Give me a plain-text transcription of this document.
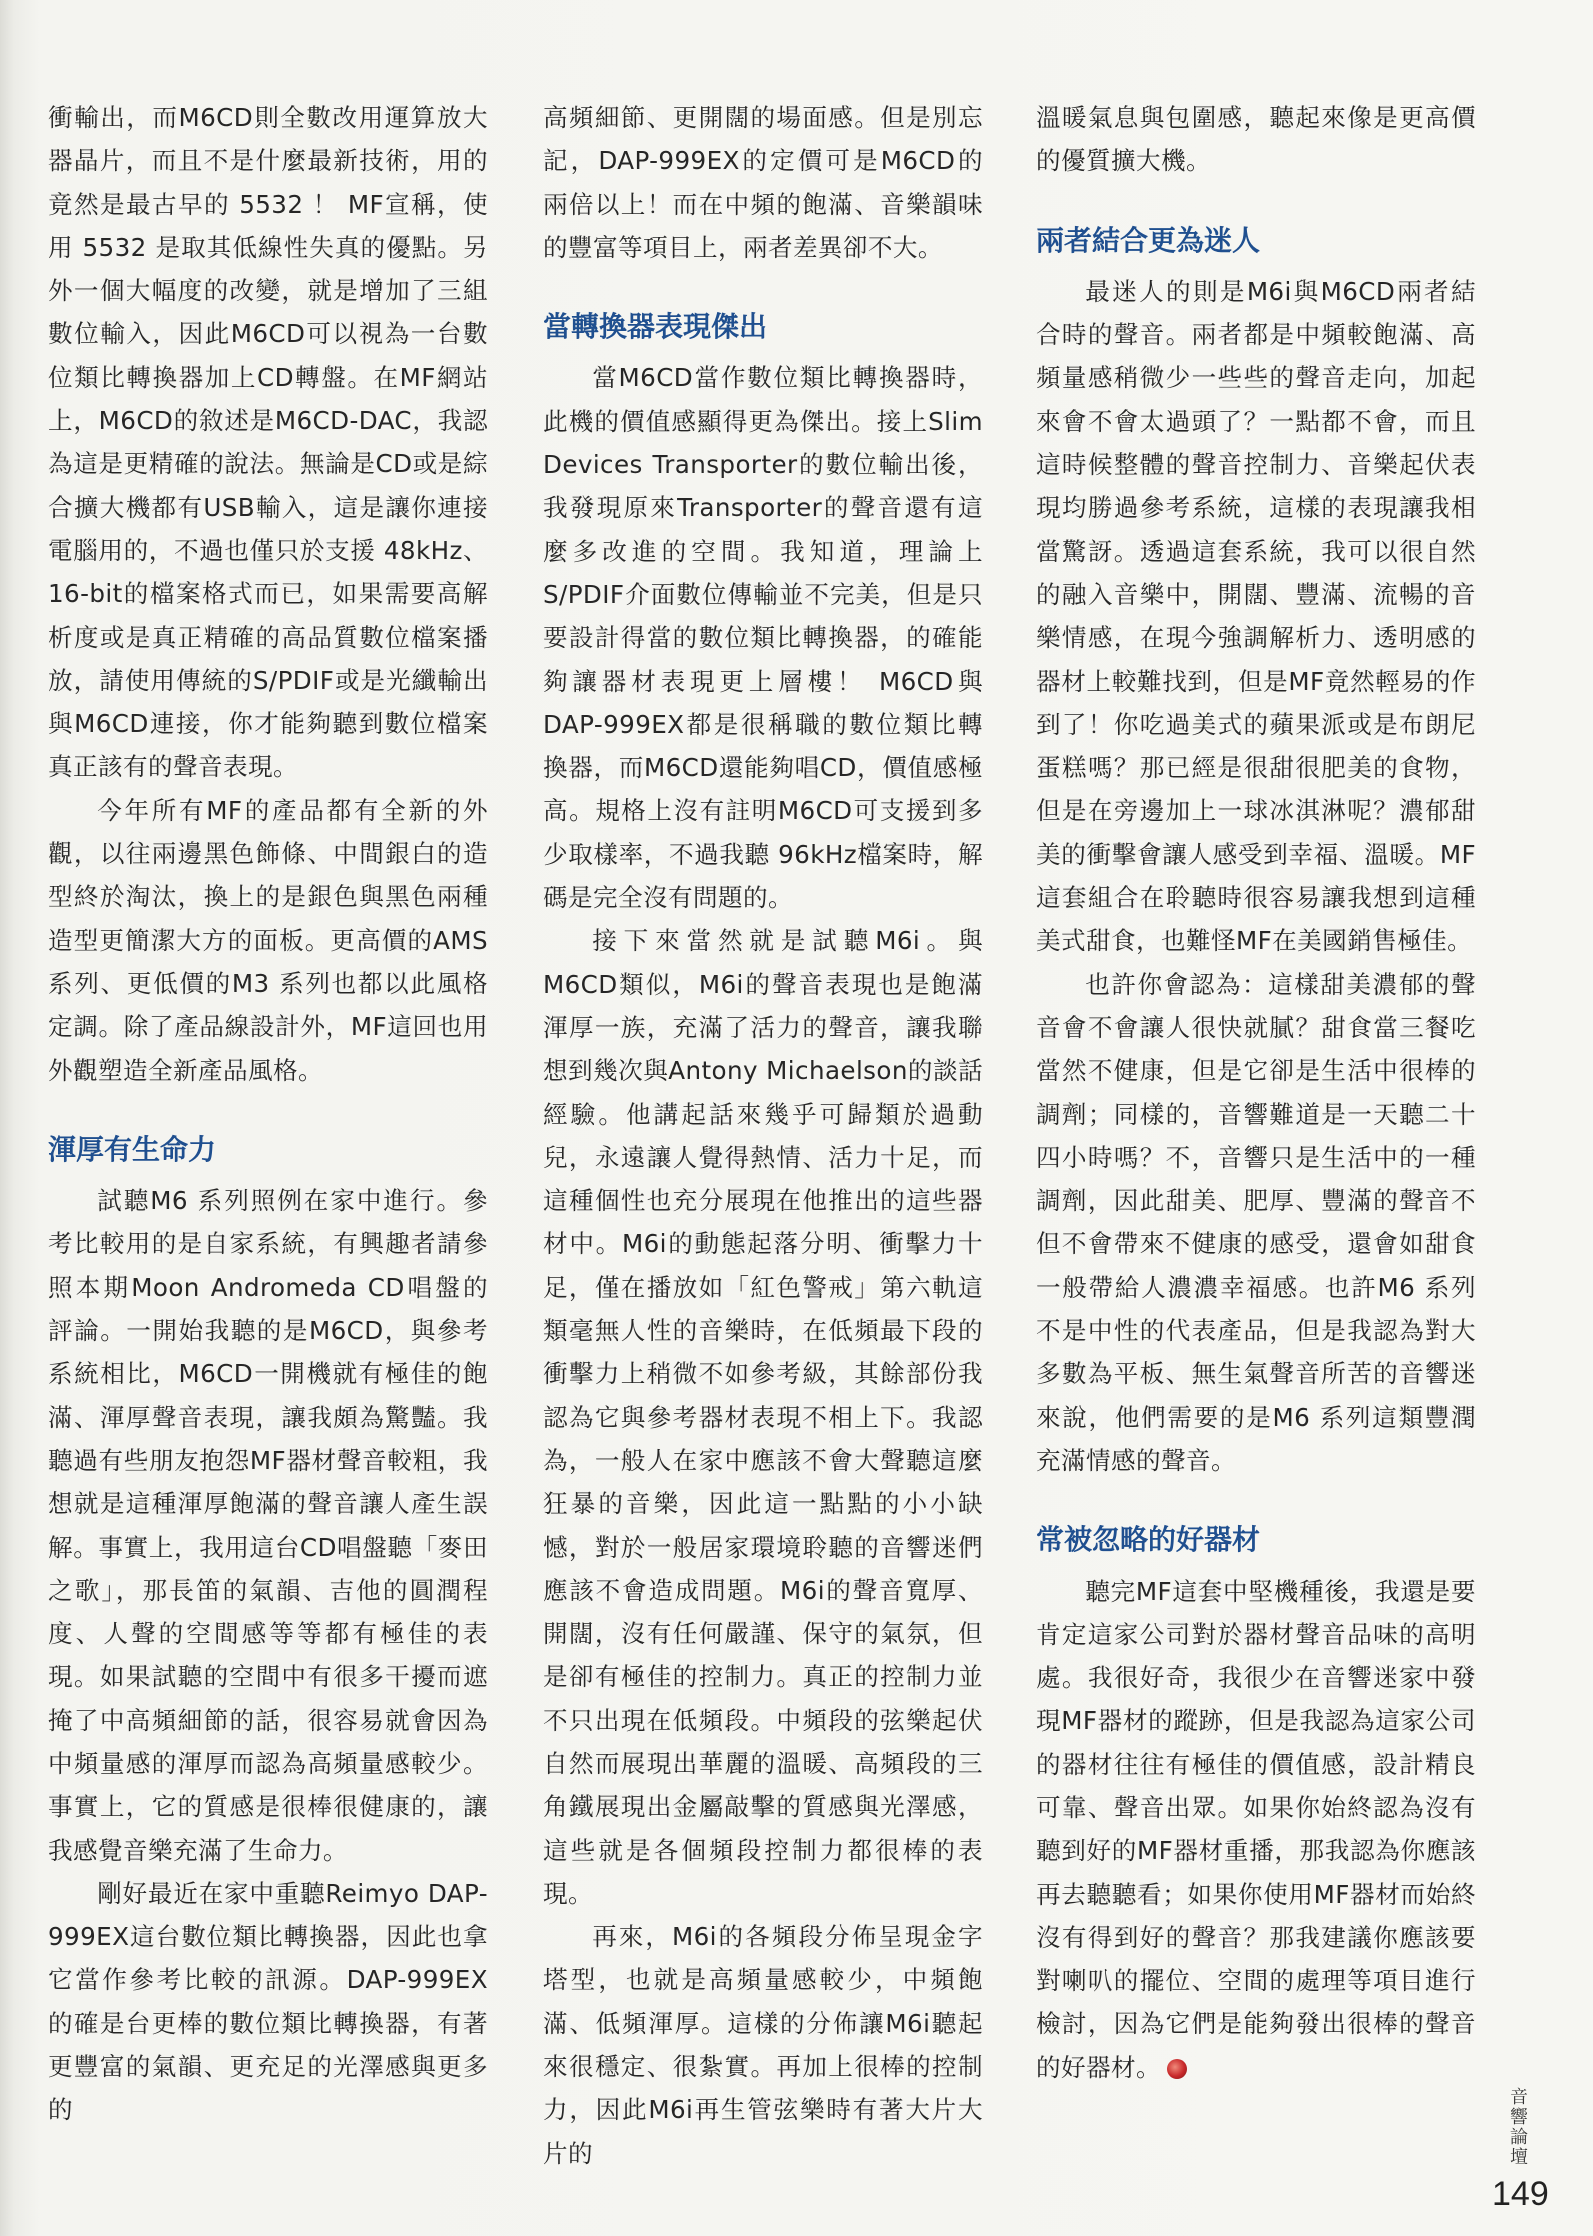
衝輸出，而M6CD則全數改用運算放大器晶片，而且不是什麼最新技術，用的竟然是最古早的 5532 ！ MF宣稱，使用 5532 是取其低線性失真的優點。另外一個大幅度的改變，就是增加了三組數位輸入，因此M6CD可以視為一台數位類比轉換器加上CD轉盤。在MF網站上，M6CD的敘述是M6CD-DAC，我認為這是更精確的說法。無論是CD或是綜合擴大機都有USB輸入，這是讓你連接電腦用的，不過也僅只於支援 48kHz、16-bit的檔案格式而已，如果需要高解析度或是真正精確的高品質數位檔案播放，請使用傳統的S/PDIF或是光纖輸出與M6CD連接，你才能夠聽到數位檔案真正該有的聲音表現。

今年所有MF的產品都有全新的外觀，以往兩邊黑色飾條、中間銀白的造型終於淘汰，換上的是銀色與黑色兩種造型更簡潔大方的面板。更高價的AMS系列、更低價的M3 系列也都以此風格定調。除了產品線設計外，MF這回也用外觀塑造全新產品風格。

渾厚有生命力

試聽M6 系列照例在家中進行。參考比較用的是自家系統，有興趣者請參照本期Moon Andromeda CD唱盤的評論。一開始我聽的是M6CD，與參考系統相比，M6CD一開機就有極佳的飽滿、渾厚聲音表現，讓我頗為驚豔。我聽過有些朋友抱怨MF器材聲音較粗，我想就是這種渾厚飽滿的聲音讓人產生誤解。事實上，我用這台CD唱盤聽「麥田之歌」，那長笛的氣韻、吉他的圓潤程度、人聲的空間感等等都有極佳的表現。如果試聽的空間中有很多干擾而遮掩了中高頻細節的話，很容易就會因為中頻量感的渾厚而認為高頻量感較少。事實上，它的質感是很棒很健康的，讓我感覺音樂充滿了生命力。

剛好最近在家中重聽Reimyo DAP-999EX這台數位類比轉換器，因此也拿它當作參考比較的訊源。DAP-999EX的確是台更棒的數位類比轉換器，有著更豐富的氣韻、更充足的光澤感與更多的

高頻細節、更開闊的場面感。但是別忘記，DAP-999EX的定價可是M6CD的兩倍以上！而在中頻的飽滿、音樂韻味的豐富等項目上，兩者差異卻不大。

當轉換器表現傑出

當M6CD當作數位類比轉換器時，此機的價值感顯得更為傑出。接上Slim Devices Transporter的數位輸出後，我發現原來Transporter的聲音還有這麼多改進的空間。我知道，理論上S/PDIF介面數位傳輸並不完美，但是只要設計得當的數位類比轉換器，的確能夠讓器材表現更上層樓！ M6CD與DAP-999EX都是很稱職的數位類比轉換器，而M6CD還能夠唱CD，價值感極高。規格上沒有註明M6CD可支援到多少取樣率，不過我聽 96kHz檔案時，解碼是完全沒有問題的。

接下來當然就是試聽M6i。與M6CD類似，M6i的聲音表現也是飽滿渾厚一族，充滿了活力的聲音，讓我聯想到幾次與Antony Michaelson的談話經驗。他講起話來幾乎可歸類於過動兒，永遠讓人覺得熱情、活力十足，而這種個性也充分展現在他推出的這些器材中。M6i的動態起落分明、衝擊力十足，僅在播放如「紅色警戒」第六軌這類毫無人性的音樂時，在低頻最下段的衝擊力上稍微不如參考級，其餘部份我認為它與參考器材表現不相上下。我認為，一般人在家中應該不會大聲聽這麼狂暴的音樂，因此這一點點的小小缺憾，對於一般居家環境聆聽的音響迷們應該不會造成問題。M6i的聲音寬厚、開闊，沒有任何嚴謹、保守的氣氛，但是卻有極佳的控制力。真正的控制力並不只出現在低頻段。中頻段的弦樂起伏自然而展現出華麗的溫暖、高頻段的三角鐵展現出金屬敲擊的質感與光澤感，這些就是各個頻段控制力都很棒的表現。

再來，M6i的各頻段分佈呈現金字塔型，也就是高頻量感較少，中頻飽滿、低頻渾厚。這樣的分佈讓M6i聽起來很穩定、很紮實。再加上很棒的控制力，因此M6i再生管弦樂時有著大片大片的

溫暖氣息與包圍感，聽起來像是更高價的優質擴大機。

兩者結合更為迷人

最迷人的則是M6i與M6CD兩者結合時的聲音。兩者都是中頻較飽滿、高頻量感稍微少一些些的聲音走向，加起來會不會太過頭了？一點都不會，而且這時候整體的聲音控制力、音樂起伏表現均勝過參考系統，這樣的表現讓我相當驚訝。透過這套系統，我可以很自然的融入音樂中，開闊、豐滿、流暢的音樂情感，在現今強調解析力、透明感的器材上較難找到，但是MF竟然輕易的作到了！你吃過美式的蘋果派或是布朗尼蛋糕嗎？那已經是很甜很肥美的食物，但是在旁邊加上一球冰淇淋呢？濃郁甜美的衝擊會讓人感受到幸福、溫暖。MF這套組合在聆聽時很容易讓我想到這種美式甜食，也難怪MF在美國銷售極佳。

也許你會認為：這樣甜美濃郁的聲音會不會讓人很快就膩？甜食當三餐吃當然不健康，但是它卻是生活中很棒的調劑；同樣的，音響難道是一天聽二十四小時嗎？不，音響只是生活中的一種調劑，因此甜美、肥厚、豐滿的聲音不但不會帶來不健康的感受，還會如甜食一般帶給人濃濃幸福感。也許M6 系列不是中性的代表產品，但是我認為對大多數為平板、無生氣聲音所苦的音響迷來說，他們需要的是M6 系列這類豐潤充滿情感的聲音。

常被忽略的好器材

聽完MF這套中堅機種後，我還是要肯定這家公司對於器材聲音品味的高明處。我很好奇，我很少在音響迷家中發現MF器材的蹤跡，但是我認為這家公司的器材往往有極佳的價值感，設計精良可靠、聲音出眾。如果你始終認為沒有聽到好的MF器材重播，那我認為你應該再去聽聽看；如果你使用MF器材而始終沒有得到好的聲音？那我建議你應該要對喇叭的擺位、空間的處理等項目進行檢討，因為它們是能夠發出很棒的聲音的好器材。

音響論壇
149
